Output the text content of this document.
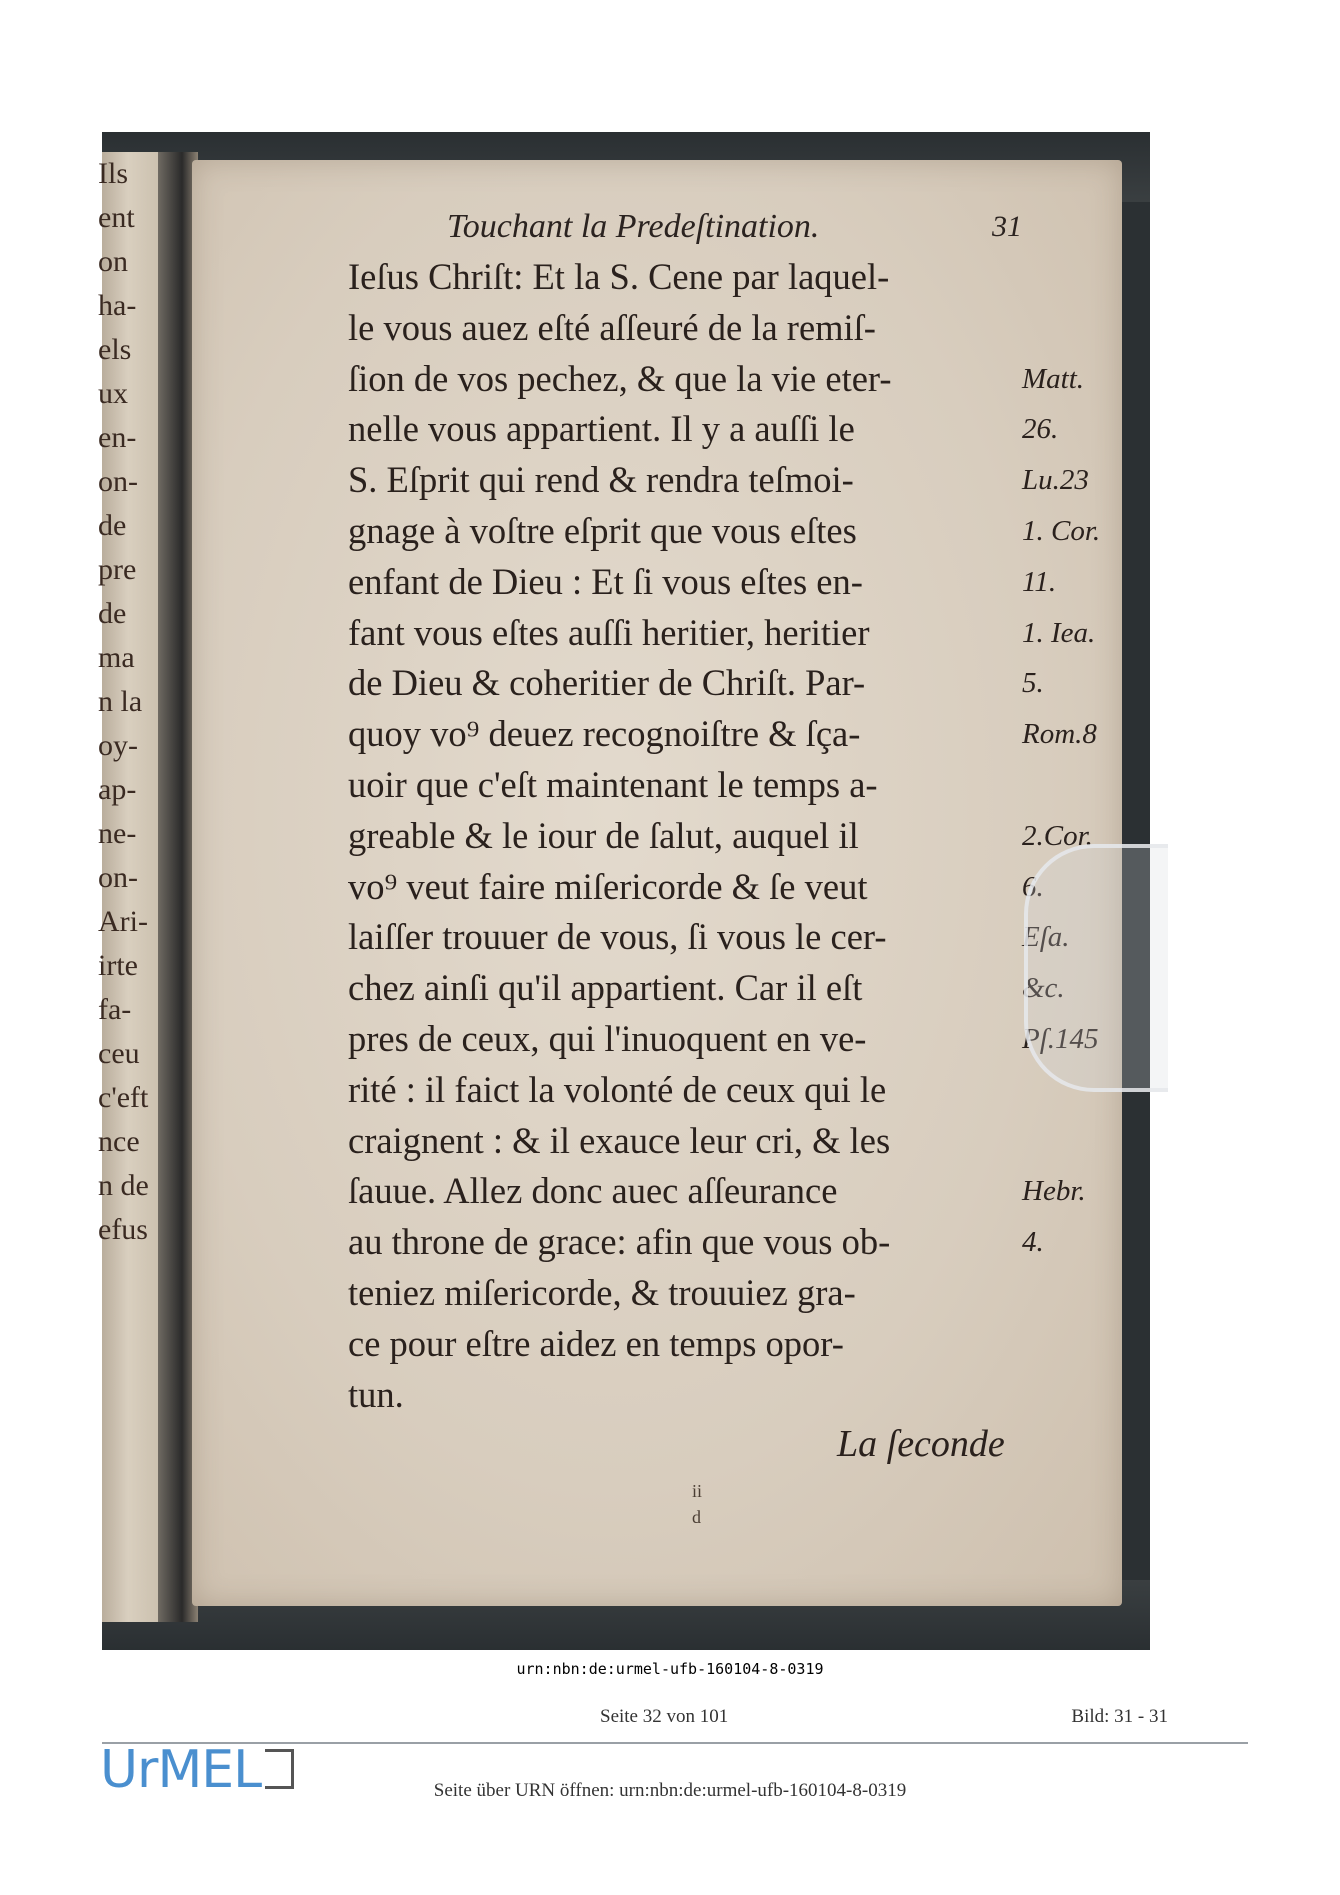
Ils
ent
on
ha-
els
ux
en-
on-
de
pre
de
ma
n la
oy-
ap-
ne-
on-
Ari-
irte
fa-
ceu
c'eft
nce
n de
efus
Touchant la Predeſtination.	31
Ieſus Chriſt: Et la S. Cene par laquel-
le vous auez eſté aſſeuré de la remiſ-
ſion de vos pechez, & que la vie eter-
nelle vous appartient. Il y a auſſi le
S. Eſprit qui rend & rendra teſmoi-
gnage à voſtre eſprit que vous eſtes
enfant de Dieu : Et ſi vous eſtes en-
fant vous eſtes auſſi heritier, heritier
de Dieu & coheritier de Chriſt. Par-
quoy vo⁹ deuez recognoiſtre & ſça-
uoir que c'eſt maintenant le temps a-
greable & le iour de ſalut, auquel il
vo⁹ veut faire miſericorde & ſe veut
laiſſer trouuer de vous, ſi vous le cer-
chez ainſi qu'il appartient. Car il eſt
pres de ceux, qui l'inuoquent en ve-
rité : il faict la volonté de ceux qui le
craignent : & il exauce leur cri, & les
ſauue. Allez donc auec aſſeurance
au throne de grace: afin que vous ob-
teniez miſericorde, & trouuiez gra-
ce pour eſtre aidez en temps opor-
tun.
Matt.
26.
Lu.23
1. Cor.
11.
1. Iea.
5.
Rom.8
2.Cor.
6.
Eſa.
&c.
Pſ.145
Hebr.
4.
La ſeconde
ii
d
urn:nbn:de:urmel-ufb-160104-8-0319
Seite 32 von 101	Bild: 31 - 31
UrMEL	Seite über URN öffnen: urn:nbn:de:urmel-ufb-160104-8-0319
